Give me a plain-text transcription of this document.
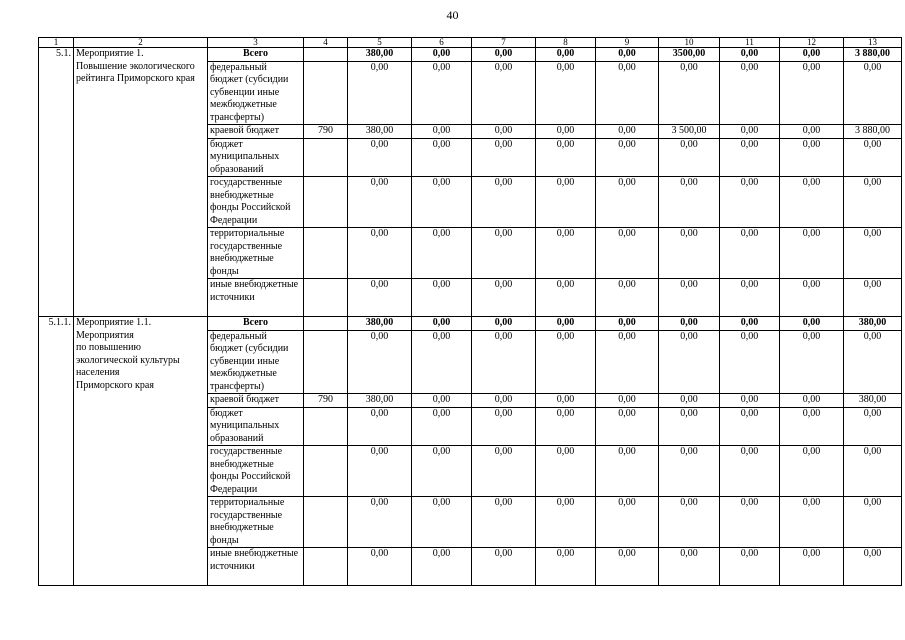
40
1	2	3	4	5	6	7	8	9	10	11	12	13
5.1.	Мероприятие 1.
Повышение экологического рейтинга Приморского края	Всего		380,00	0,00	0,00	0,00	0,00	3500,00	0,00	0,00	3 880,00
		федеральный бюджет (субсидии субвенции иные межбюджетные трансферты)		0,00	0,00	0,00	0,00	0,00	0,00	0,00	0,00	0,00
		краевой бюджет	790	380,00	0,00	0,00	0,00	0,00	3 500,00	0,00	0,00	3 880,00
		бюджет муниципальных образований		0,00	0,00	0,00	0,00	0,00	0,00	0,00	0,00	0,00
		государственные внебюджетные фонды Российской Федерации		0,00	0,00	0,00	0,00	0,00	0,00	0,00	0,00	0,00
		территориальные государственные внебюджетные фонды		0,00	0,00	0,00	0,00	0,00	0,00	0,00	0,00	0,00
		иные внебюджетные источники		0,00	0,00	0,00	0,00	0,00	0,00	0,00	0,00	0,00
5.1.1.	Мероприятие 1.1.
Мероприятия
по повышению экологической культуры населения
Приморского края	Всего		380,00	0,00	0,00	0,00	0,00	0,00	0,00	0,00	380,00
		федеральный бюджет (субсидии субвенции иные межбюджетные трансферты)		0,00	0,00	0,00	0,00	0,00	0,00	0,00	0,00	0,00
		краевой бюджет	790	380,00	0,00	0,00	0,00	0,00	0,00	0,00	0,00	380,00
		бюджет муниципальных образований		0,00	0,00	0,00	0,00	0,00	0,00	0,00	0,00	0,00
		государственные внебюджетные фонды Российской Федерации		0,00	0,00	0,00	0,00	0,00	0,00	0,00	0,00	0,00
		территориальные государственные внебюджетные фонды		0,00	0,00	0,00	0,00	0,00	0,00	0,00	0,00	0,00
		иные внебюджетные источники		0,00	0,00	0,00	0,00	0,00	0,00	0,00	0,00	0,00
